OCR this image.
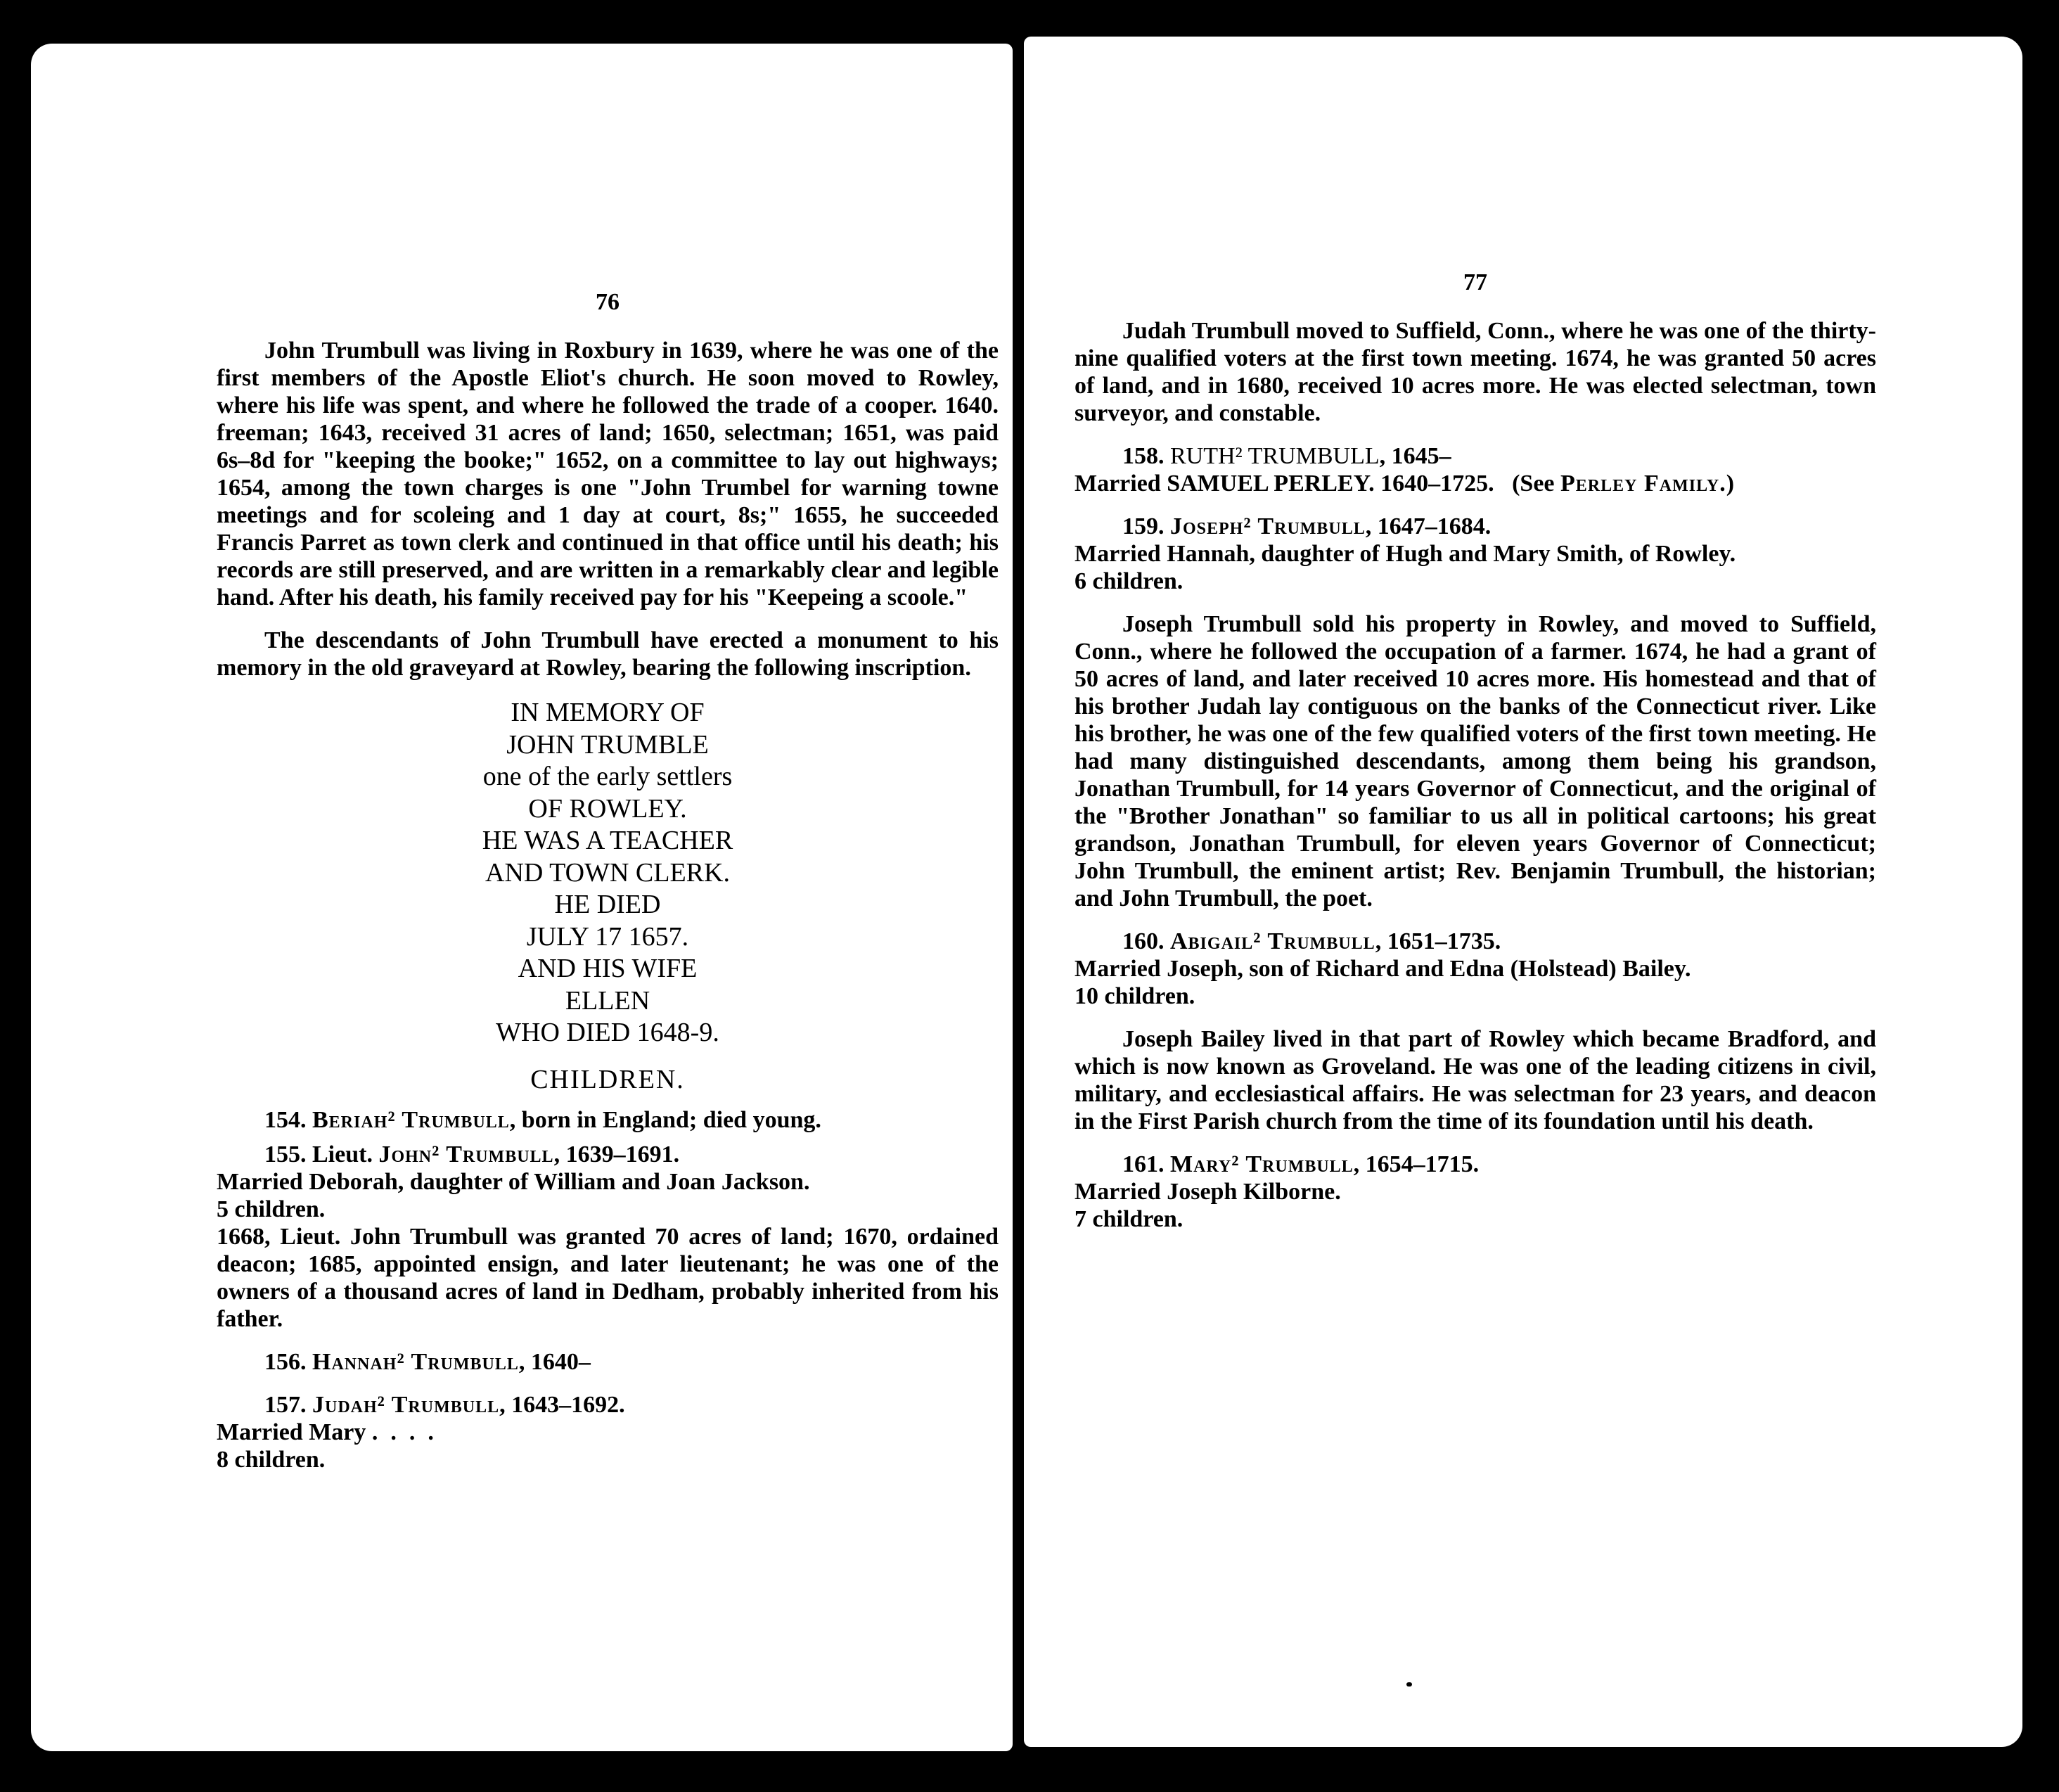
76

John Trumbull was living in Roxbury in 1639, where he was one of the first members of the Apostle Eliot's church. He soon moved to Rowley, where his life was spent, and where he followed the trade of a cooper. 1640. freeman; 1643, received 31 acres of land; 1650, selectman; 1651, was paid 6s–8d for "keeping the booke;" 1652, on a committee to lay out highways; 1654, among the town charges is one "John Trumbel for warning towne meetings and for scoleing and 1 day at court, 8s;" 1655, he succeeded Francis Parret as town clerk and continued in that office until his death; his records are still preserved, and are written in a remarkably clear and legible hand. After his death, his family received pay for his "Keepeing a scoole."

The descendants of John Trumbull have erected a monument to his memory in the old graveyard at Rowley, bearing the following inscription.

IN MEMORY OF
JOHN TRUMBLE
one of the early settlers
OF ROWLEY.
HE WAS A TEACHER
AND TOWN CLERK.
HE DIED
JULY 17 1657.
AND HIS WIFE
ELLEN
WHO DIED 1648-9.
CHILDREN.

154. Beriah² Trumbull, born in England; died young.

155. Lieut. John² Trumbull, 1639–1691.

Married Deborah, daughter of William and Joan Jackson.

5 children.

1668, Lieut. John Trumbull was granted 70 acres of land; 1670, ordained deacon; 1685, appointed ensign, and later lieutenant; he was one of the owners of a thousand acres of land in Dedham, probably inherited from his father.

156. Hannah² Trumbull, 1640–

157. Judah² Trumbull, 1643–1692.

Married Mary ....

8 children.

77

Judah Trumbull moved to Suffield, Conn., where he was one of the thirty-nine qualified voters at the first town meeting. 1674, he was granted 50 acres of land, and in 1680, received 10 acres more. He was elected selectman, town surveyor, and constable.

158. RUTH² TRUMBULL, 1645–

Married SAMUEL PERLEY. 1640–1725. (See Perley Family.)

159. Joseph² Trumbull, 1647–1684.

Married Hannah, daughter of Hugh and Mary Smith, of Rowley.

6 children.

Joseph Trumbull sold his property in Rowley, and moved to Suffield, Conn., where he followed the occupation of a farmer. 1674, he had a grant of 50 acres of land, and later received 10 acres more. His homestead and that of his brother Judah lay contiguous on the banks of the Connecticut river. Like his brother, he was one of the few qualified voters of the first town meeting. He had many distinguished descendants, among them being his grandson, Jonathan Trumbull, for 14 years Governor of Connecticut, and the original of the "Brother Jonathan" so familiar to us all in political cartoons; his great grandson, Jonathan Trumbull, for eleven years Governor of Connecticut; John Trumbull, the eminent artist; Rev. Benjamin Trumbull, the historian; and John Trumbull, the poet.

160. Abigail² Trumbull, 1651–1735.

Married Joseph, son of Richard and Edna (Holstead) Bailey.

10 children.

Joseph Bailey lived in that part of Rowley which became Bradford, and which is now known as Groveland. He was one of the leading citizens in civil, military, and ecclesiastical affairs. He was selectman for 23 years, and deacon in the First Parish church from the time of its foundation until his death.

161. Mary² Trumbull, 1654–1715.

Married Joseph Kilborne.

7 children.
